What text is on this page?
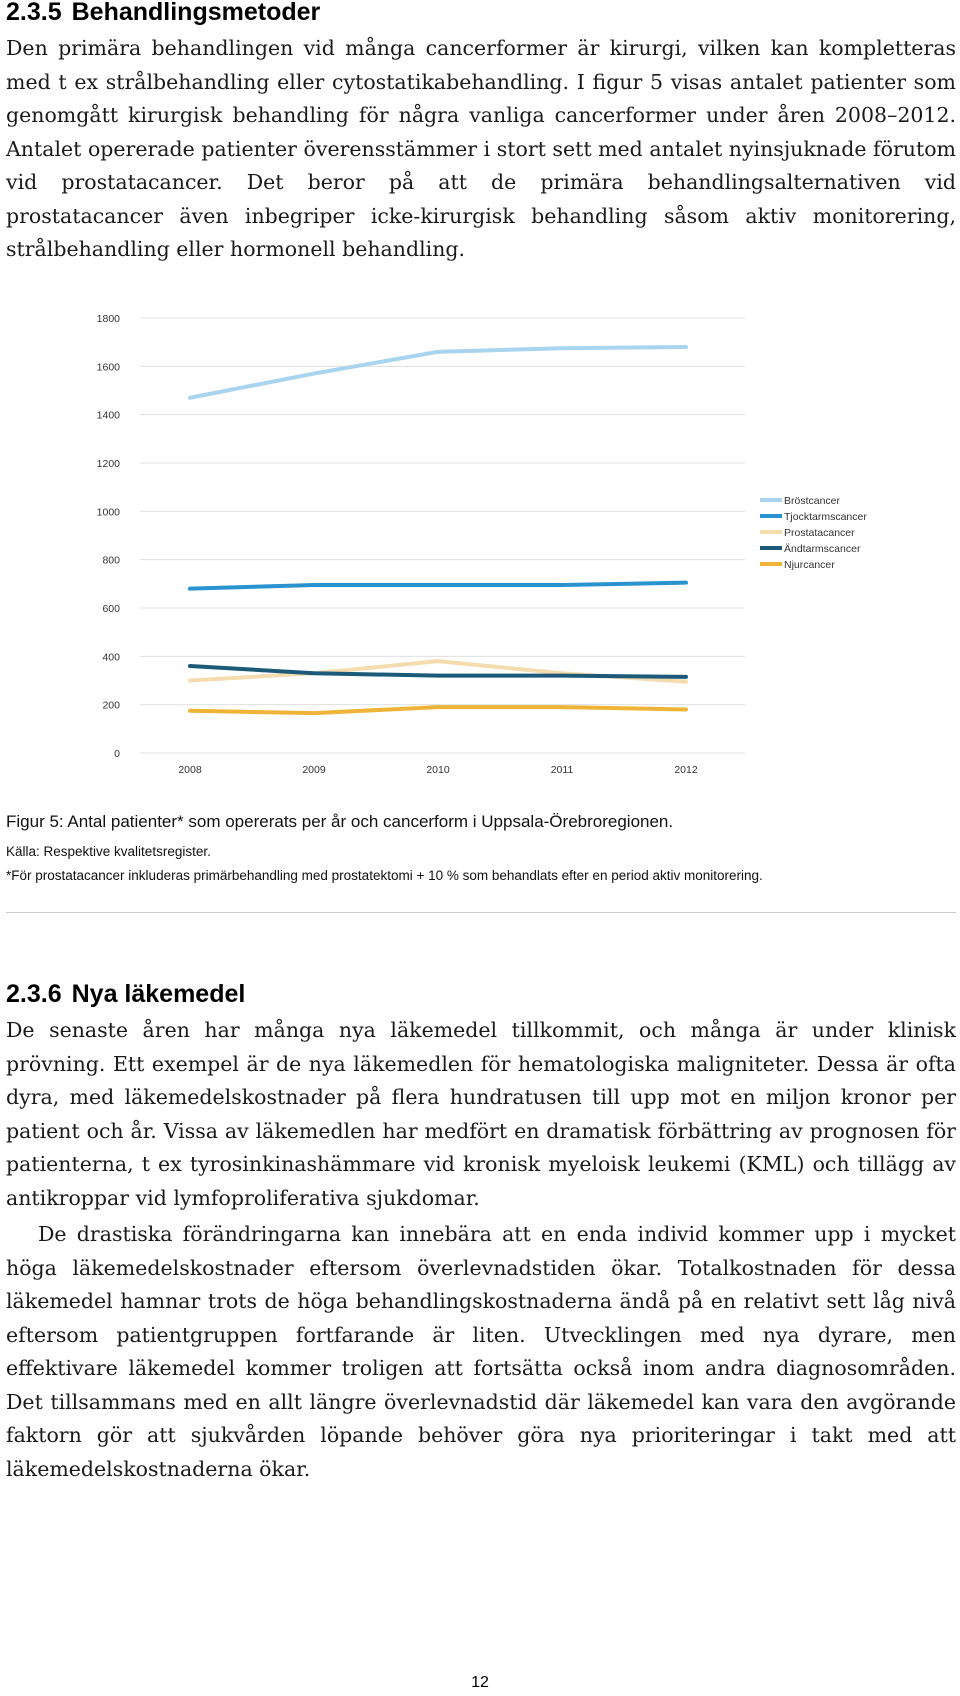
2.3.5 Behandlingsmetoder

Den primära behandlingen vid många cancerformer är kirurgi, vilken kan kompletteras med t ex strålbehandling eller cytostatikabehandling. I figur 5 visas antalet patienter som genomgått kirurgisk behandling för några vanliga cancerformer under åren 2008–2012. Antalet opererade patienter överensstämmer i stort sett med antalet nyinsjuknade förutom vid prostatacancer. Det beror på att de primära behandlingsalternativen vid prostatacancer även inbegriper icke-kirurgisk behandling såsom aktiv monitorering, strålbehandling eller hormonell behandling.

0
200
400
600
800
1000
1200
1400
1600
1800
2008	2009	2010	2011	2012
Bröstcancer
Tjocktarmscancer
Prostatacancer
Ändtarmscancer
Njurcancer

Figur 5: Antal patienter* som opererats per år och cancerform i Uppsala-Örebroregionen.

Källa: Respektive kvalitetsregister.

*För prostatacancer inkluderas primärbehandling med prostatektomi + 10 % som behandlats efter en period aktiv monitorering.

2.3.6 Nya läkemedel

De senaste åren har många nya läkemedel tillkommit, och många är under klinisk prövning. Ett exempel är de nya läkemedlen för hematologiska maligniteter. Dessa är ofta dyra, med läkemedelskostnader på flera hundratusen till upp mot en miljon kronor per patient och år. Vissa av läkemedlen har medfört en dramatisk förbättring av prognosen för patienterna, t ex tyrosinkinashämmare vid kronisk myeloisk leukemi (KML) och tillägg av antikroppar vid lymfoproliferativa sjukdomar.

De drastiska förändringarna kan innebära att en enda individ kommer upp i mycket höga läkemedelskostnader eftersom överlevnadstiden ökar. Totalkostnaden för dessa läkemedel hamnar trots de höga behandlingskostnaderna ändå på en relativt sett låg nivå eftersom patientgruppen fortfarande är liten. Utvecklingen med nya dyrare, men effektivare läkemedel kommer troligen att fortsätta också inom andra diagnosområden. Det tillsammans med en allt längre överlevnadstid där läkemedel kan vara den avgörande faktorn gör att sjukvården löpande behöver göra nya prioriteringar i takt med att läkemedelskostnaderna ökar.

12
